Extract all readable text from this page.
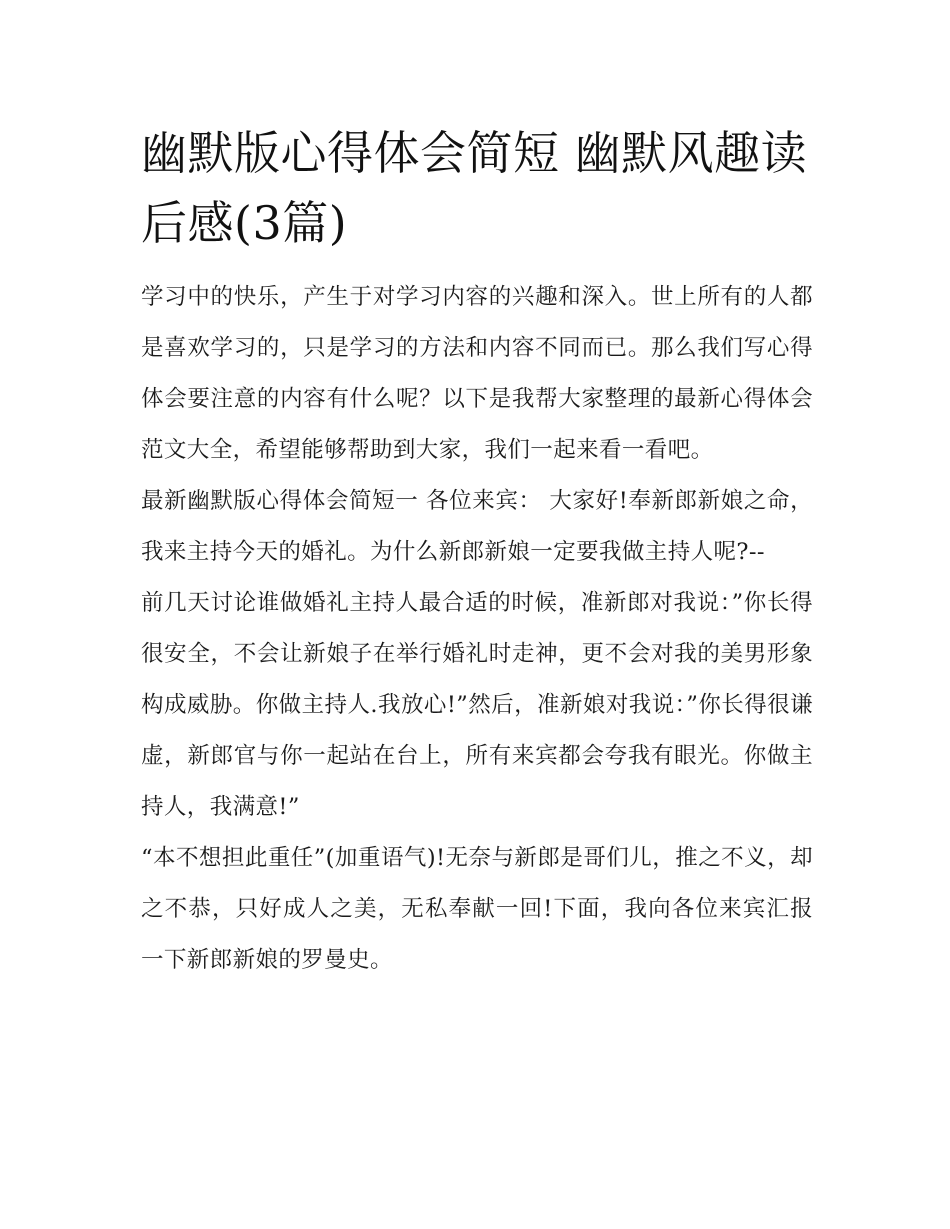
幽默版心得体会简短 幽默风趣读后感(3篇)

学习中的快乐，产生于对学习内容的兴趣和深入。世上所有的人都是喜欢学习的，只是学习的方法和内容不同而已。那么我们写心得体会要注意的内容有什么呢？以下是我帮大家整理的最新心得体会范文大全，希望能够帮助到大家，我们一起来看一看吧。

最新幽默版心得体会简短一 各位来宾： 大家好!奉新郎新娘之命，我来主持今天的婚礼。为什么新郎新娘一定要我做主持人呢?--

前几天讨论谁做婚礼主持人最合适的时候，准新郎对我说：”你长得很安全，不会让新娘子在举行婚礼时走神，更不会对我的美男形象构成威胁。你做主持人.我放心!”然后，准新娘对我说：”你长得很谦虚，新郎官与你一起站在台上，所有来宾都会夸我有眼光。你做主持人，我满意!”

“本不想担此重任”(加重语气)!无奈与新郎是哥们儿，推之不义，却之不恭，只好成人之美，无私奉献一回!下面，我向各位来宾汇报一下新郎新娘的罗曼史。
